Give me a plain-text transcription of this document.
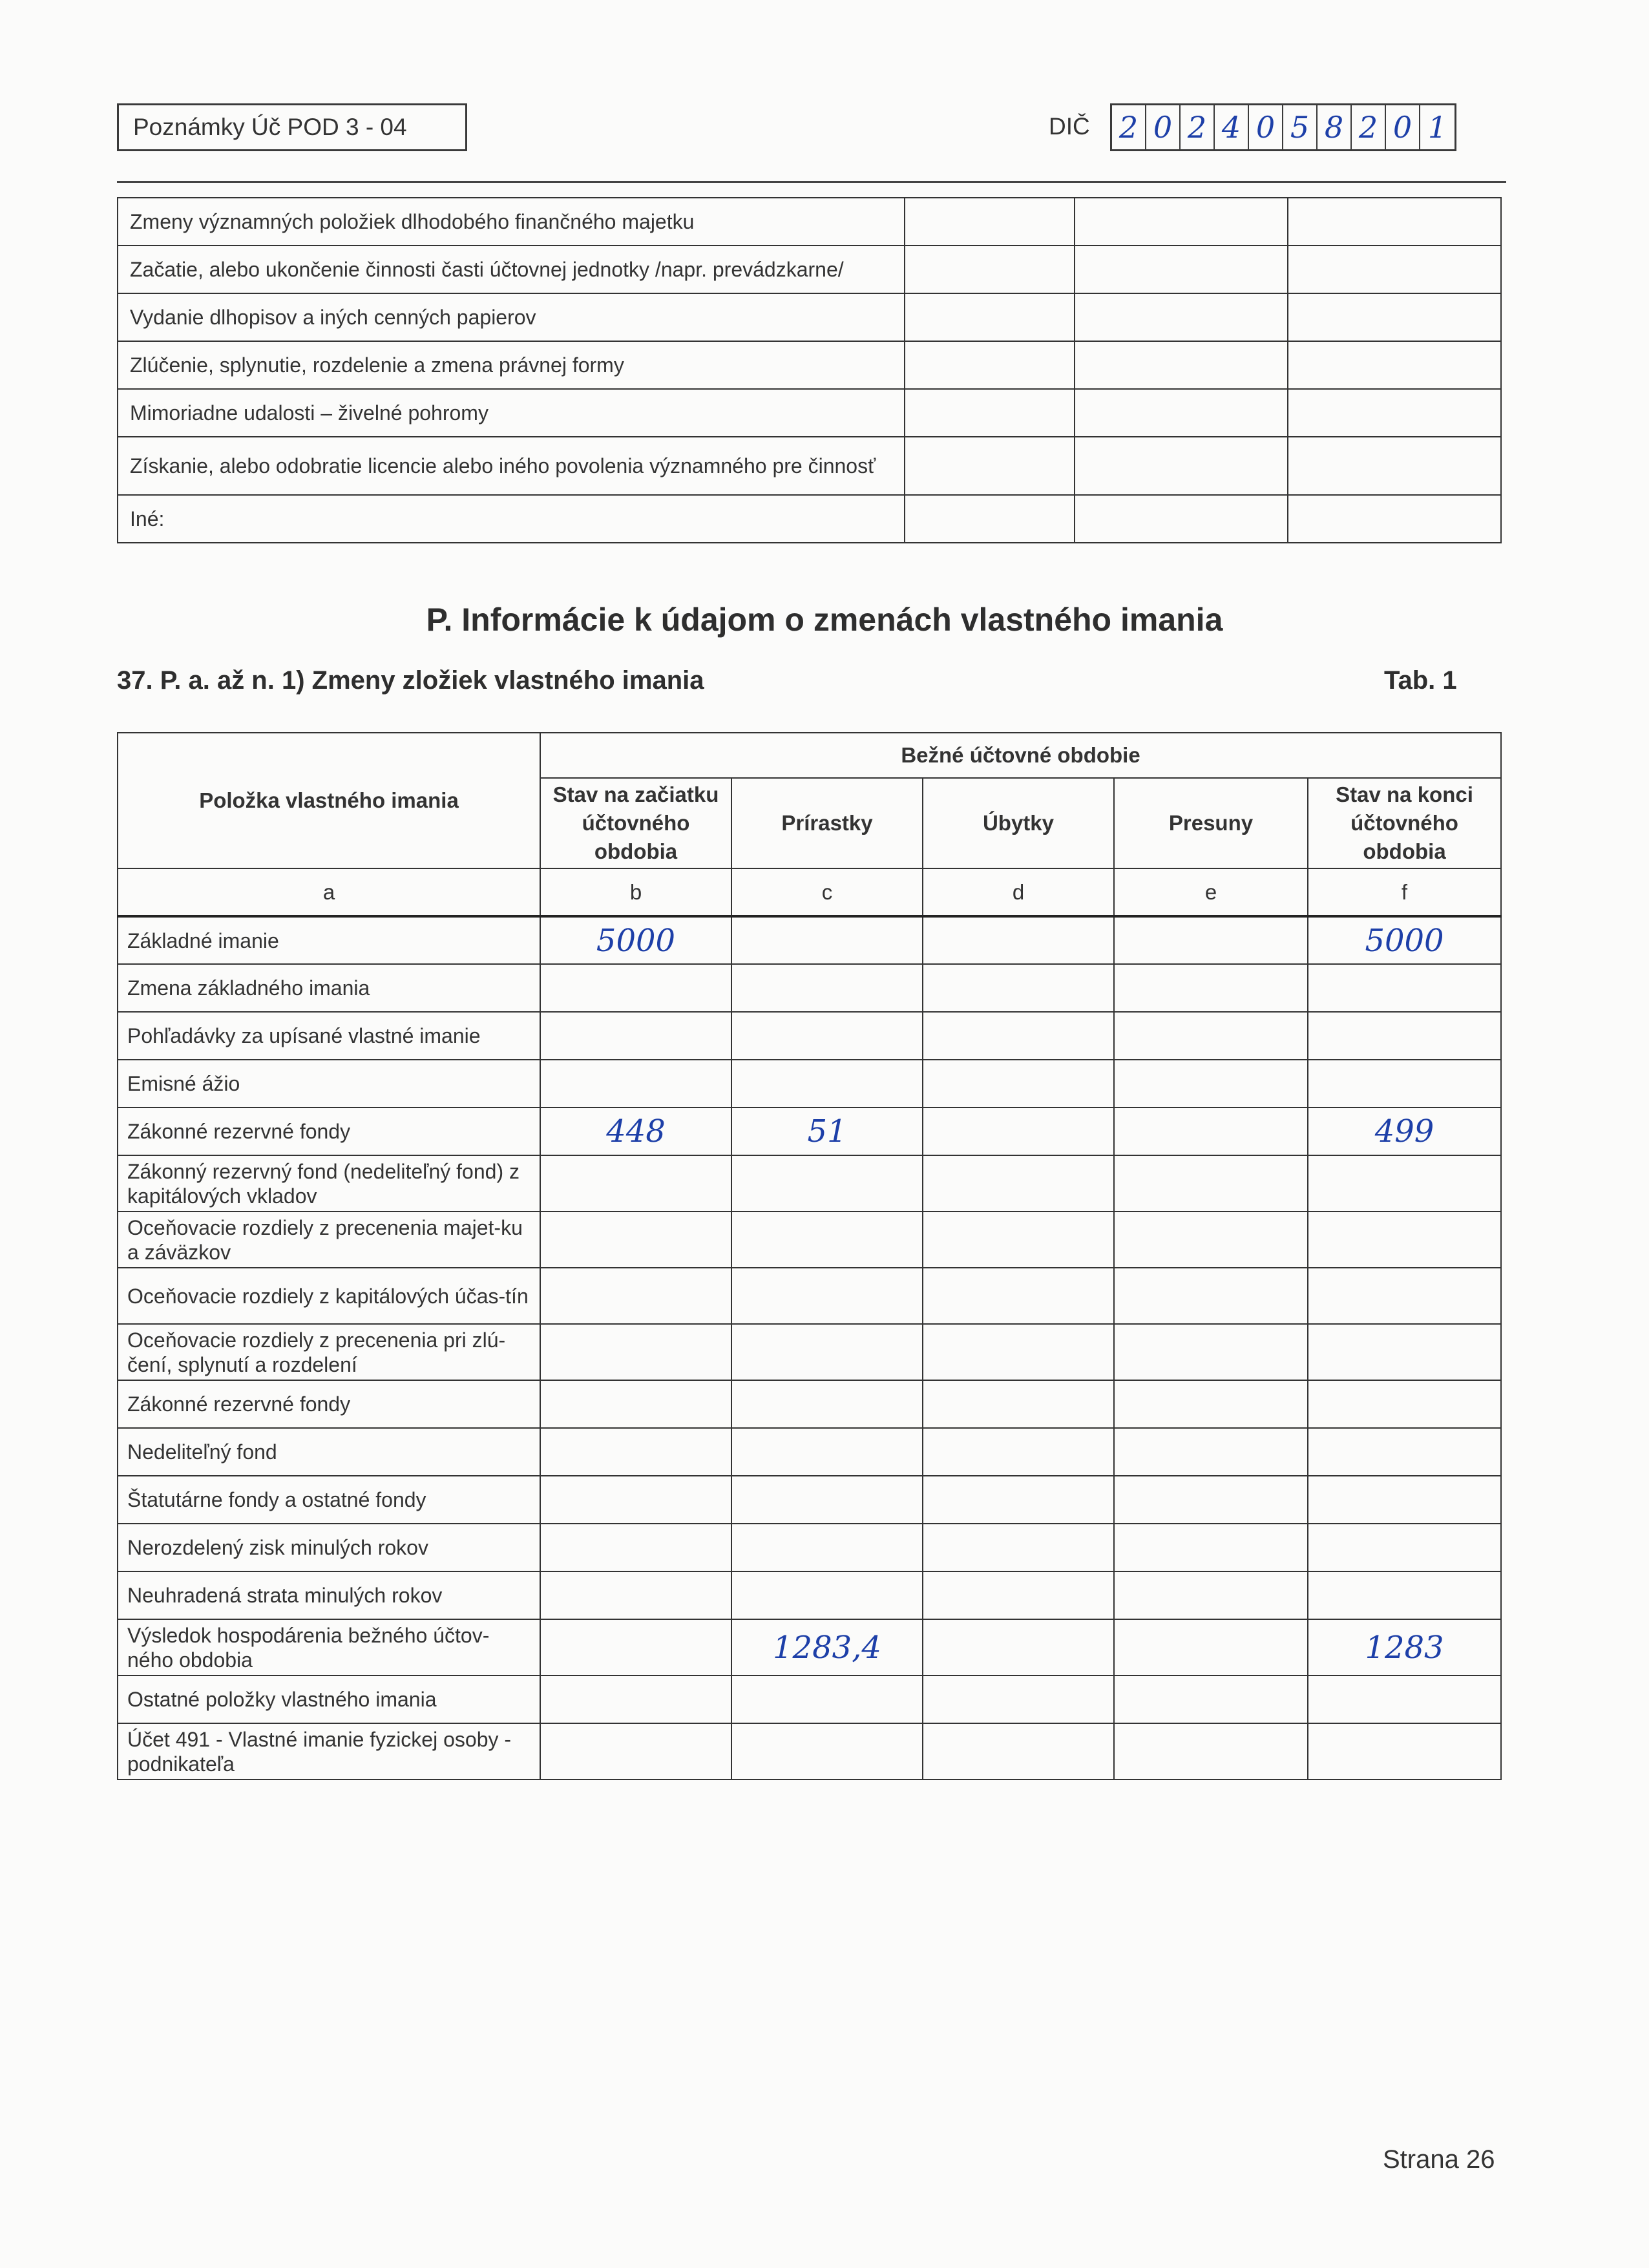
Poznámky Úč POD 3 - 04	DIČ 2 0 2 4 0 5 8 2 0 1
Zmeny významných položiek dlhodobého finančného majetku			
Začatie, alebo ukončenie činnosti časti účtovnej jednotky /napr. prevádzkarne/			
Vydanie dlhopisov a iných cenných papierov			
Zlúčenie, splynutie, rozdelenie a zmena právnej formy			
Mimoriadne udalosti – živelné pohromy			
Získanie, alebo odobratie licencie alebo iného povolenia významného pre činnosť			
Iné:			
P. Informácie k údajom o zmenách vlastného imania
37. P. a. až n. 1) Zmeny zložiek vlastného imania	Tab. 1
Položka vlastného imania	Bežné účtovné obdobie				
	Stav na začiatku účtovného obdobia	Prírastky	Úbytky	Presuny	Stav na konci účtovného obdobia
a	b	c	d	e	f
Základné imanie	5000				5000
Zmena základného imania					
Pohľadávky za upísané vlastné imanie					
Emisné ážio					
Zákonné rezervné fondy	448	51			499
Zákonný rezervný fond (nedeliteľný fond) z kapitálových vkladov					
Oceňovacie rozdiely z precenenia majet-ku a záväzkov					
Oceňovacie rozdiely z kapitálových účas-tín					
Oceňovacie rozdiely z precenenia pri zlú-čení, splynutí a rozdelení					
Zákonné rezervné fondy					
Nedeliteľný fond					
Štatutárne fondy a ostatné fondy					
Nerozdelený zisk minulých rokov					
Neuhradená strata minulých rokov					
Výsledok hospodárenia bežného účtov-ného obdobia		1283,4			1283
Ostatné položky vlastného imania					
Účet 491 - Vlastné imanie fyzickej osoby - podnikateľa					
Strana 26
